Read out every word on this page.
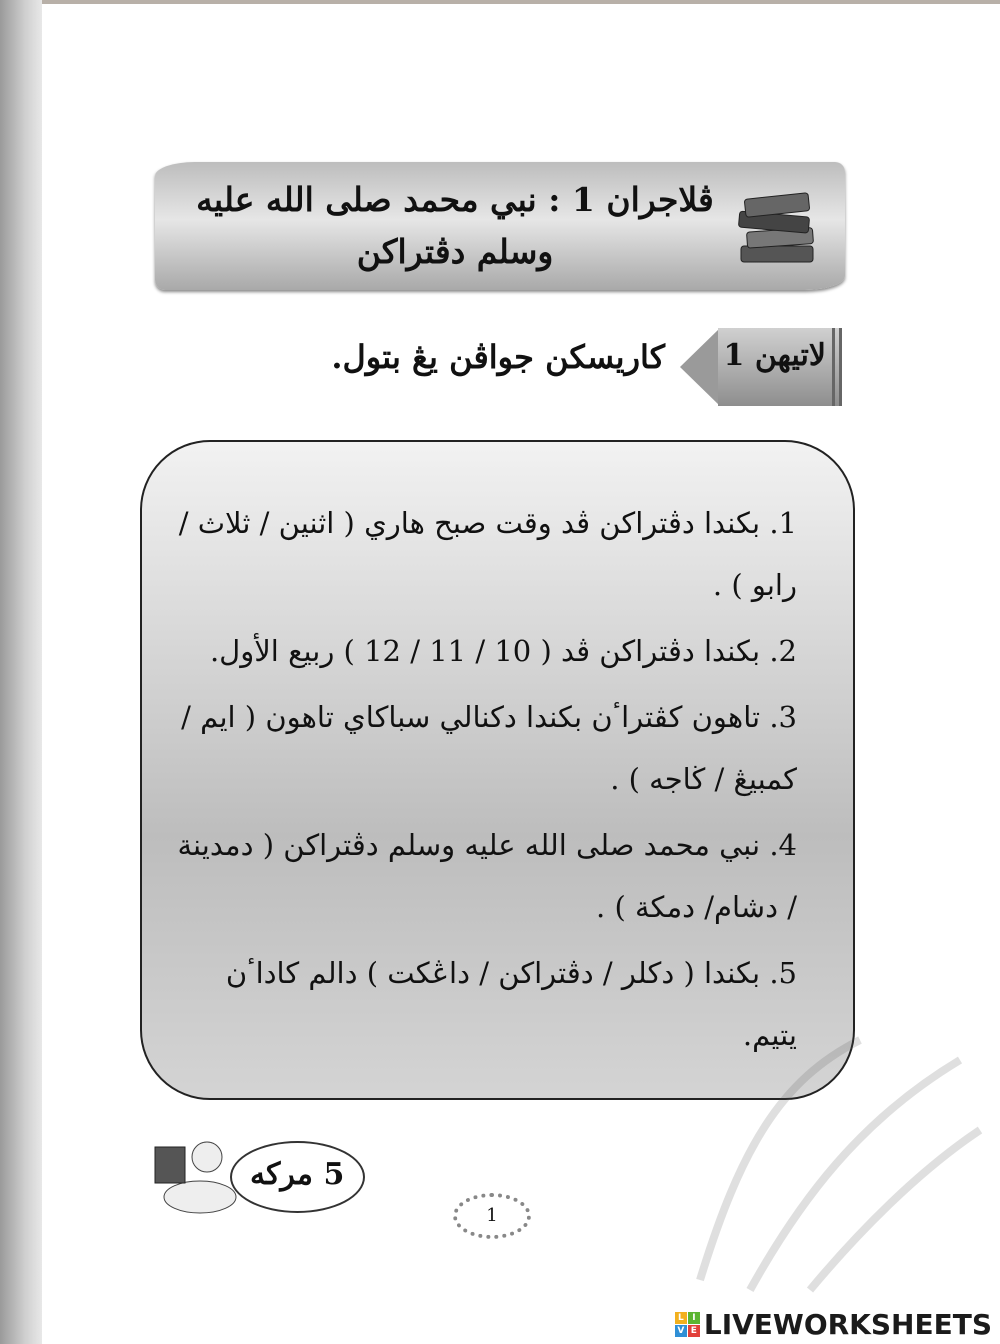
ڤلاجران 1 : نبي محمد صلى الله عليه وسلم دڤتراكن
لاتيهن 1
كاريسكن جواڤن يڠ بتول.
1. بكندا دڤتراكن ڤد وقت صبح هاري ( اثنين / ثلاث / رابو ) .
2. بكندا دڤتراكن ڤد ( 10 / 11 / 12 ) ربيع الأول.
3. تاهون كڤتراٴن بكندا دكنالي سباكاي تاهون ( ايم / كمبيڠ / ڬاجه ) .
4. نبي محمد صلى الله عليه وسلم دڤتراكن ( دمدينة / دشام/ دمكة ) .
5. بكندا ( دكلر / دڤتراكن / داڠكت ) دالم كاداٴن يتيم.
5 مركه
1
L I
V E LIVEWORKSHEETS
